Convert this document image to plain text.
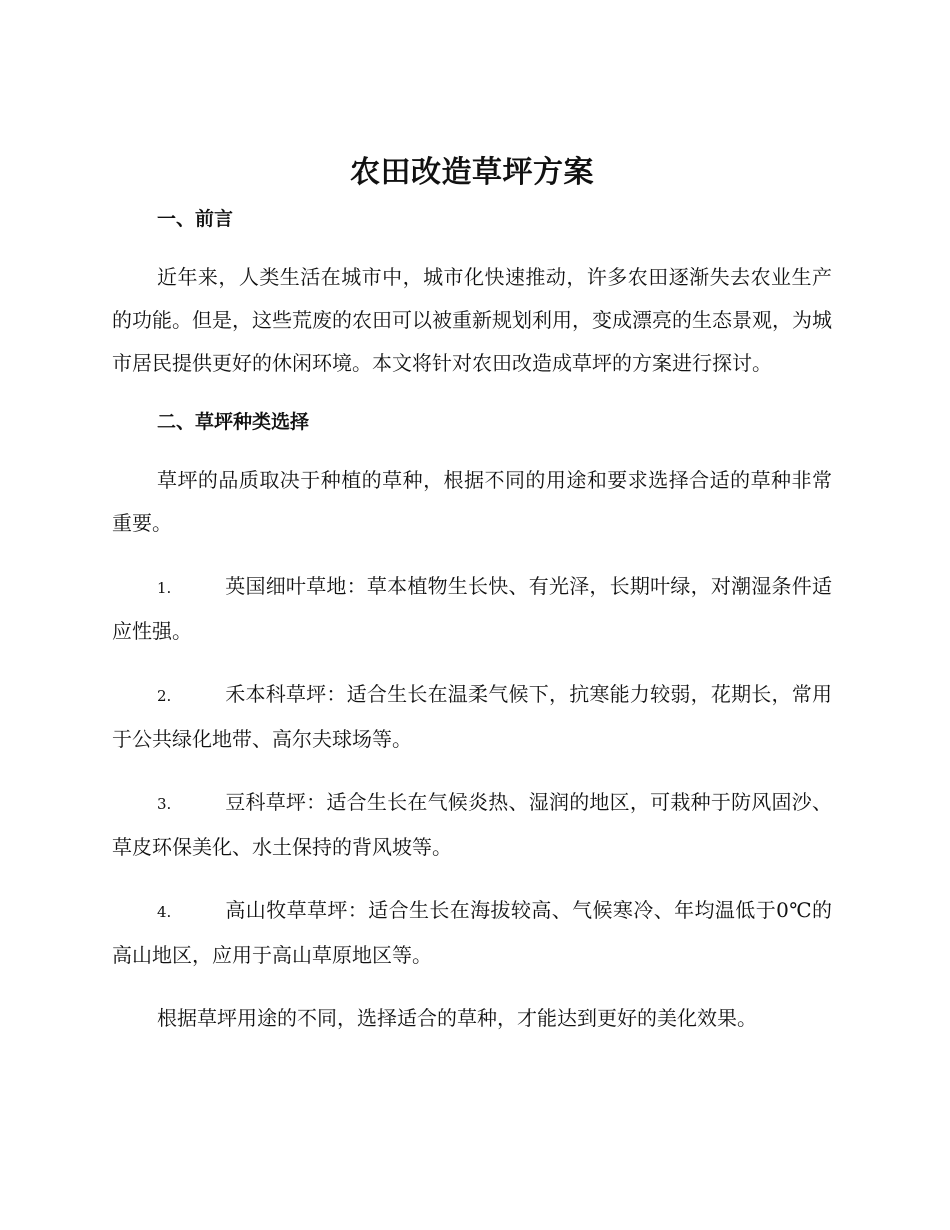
农田改造草坪方案
一、前言

近年来，人类生活在城市中，城市化快速推动，许多农田逐渐失去农业生产的功能。但是，这些荒废的农田可以被重新规划利用，变成漂亮的生态景观，为城市居民提供更好的休闲环境。本文将针对农田改造成草坪的方案进行探讨。

二、草坪种类选择

草坪的品质取决于种植的草种，根据不同的用途和要求选择合适的草种非常重要。

1.	英国细叶草地：草本植物生长快、有光泽，长期叶绿，对潮湿条件适应性强。

2.	禾本科草坪：适合生长在温柔气候下，抗寒能力较弱，花期长，常用于公共绿化地带、高尔夫球场等。

3.	豆科草坪：适合生长在气候炎热、湿润的地区，可栽种于防风固沙、草皮环保美化、水土保持的背风坡等。

4.	高山牧草草坪：适合生长在海拔较高、气候寒冷、年均温低于0℃的高山地区，应用于高山草原地区等。

根据草坪用途的不同，选择适合的草种，才能达到更好的美化效果。
